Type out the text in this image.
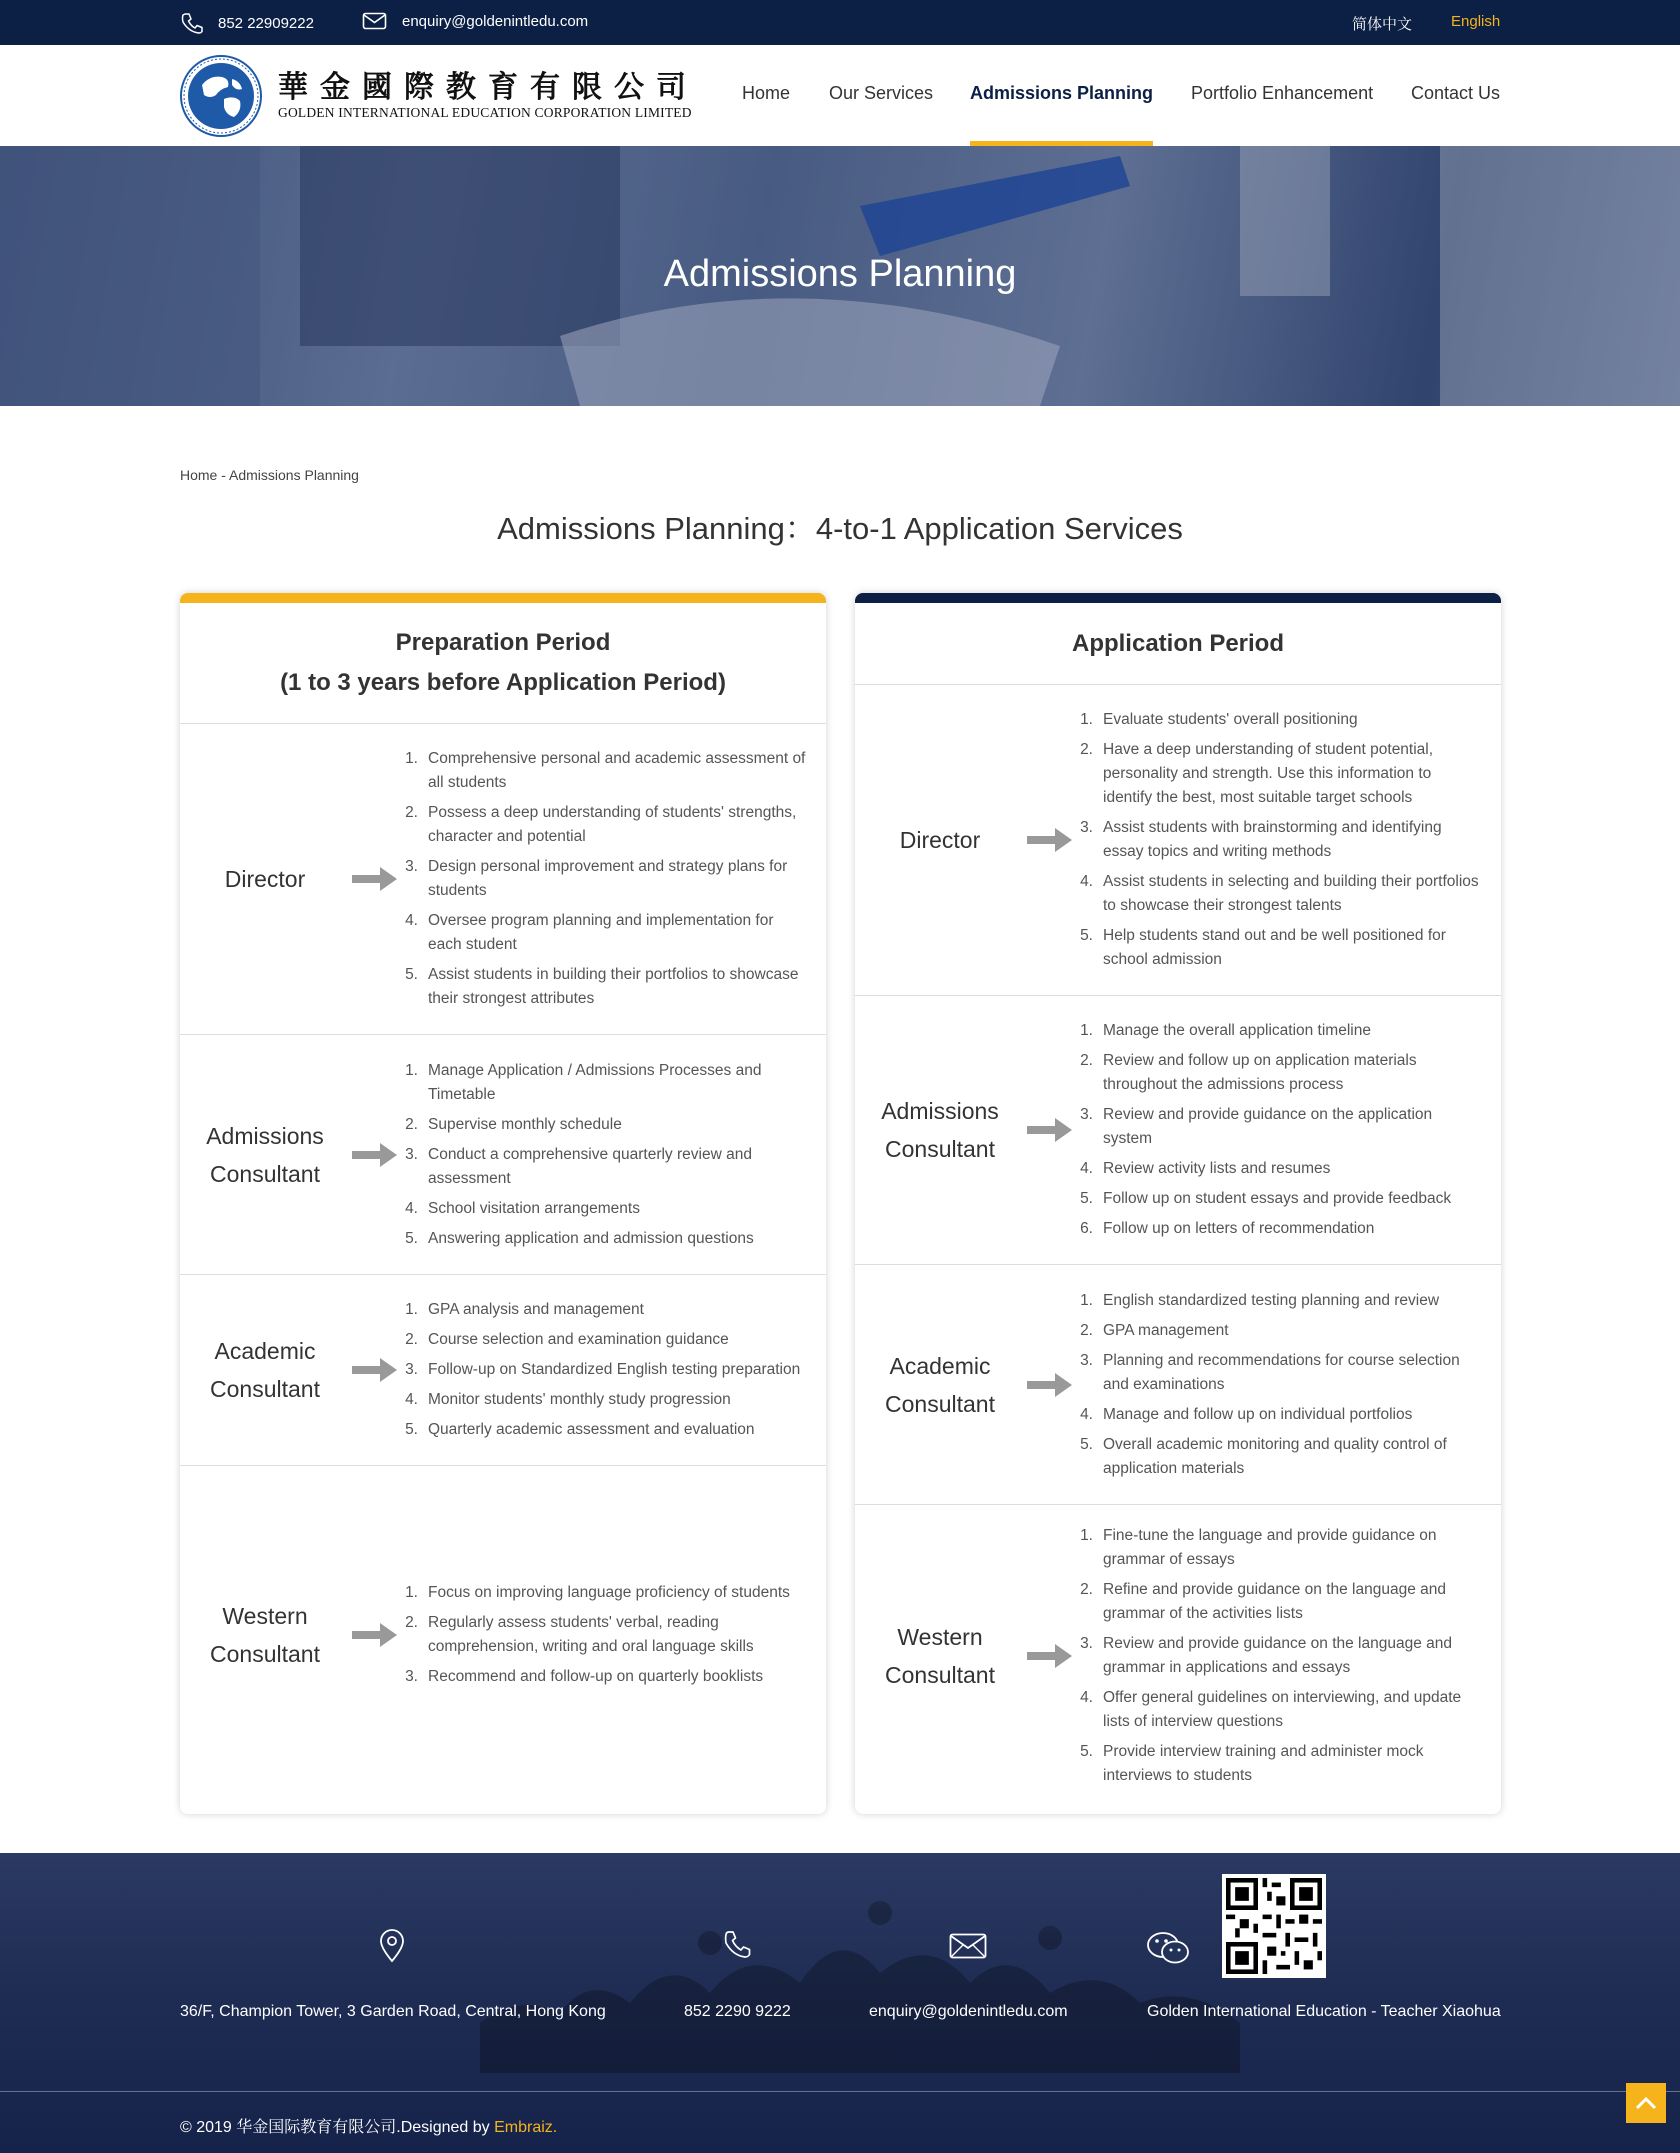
852 22909222	enquiry@goldenintledu.com	简体中文	English
華金國際教育有限公司
GOLDEN INTERNATIONAL EDUCATION CORPORATION LIMITED
Home Our Services Admissions Planning Portfolio Enhancement Contact Us
Admissions Planning
Home - Admissions Planning
Admissions Planning：4-to-1 Application Services
Preparation Period
(1 to 3 years before Application Period)
Director
1. Comprehensive personal and academic assessment of all students
2. Possess a deep understanding of students' strengths, character and potential
3. Design personal improvement and strategy plans for students
4. Oversee program planning and implementation for each student
5. Assist students in building their portfolios to showcase their strongest attributes
Admissions
Consultant
1. Manage Application / Admissions Processes and Timetable
2. Supervise monthly schedule
3. Conduct a comprehensive quarterly review and assessment
4. School visitation arrangements
5. Answering application and admission questions
Academic
Consultant
1. GPA analysis and management
2. Course selection and examination guidance
3. Follow-up on Standardized English testing preparation
4. Monitor students' monthly study progression
5. Quarterly academic assessment and evaluation
Western
Consultant
1. Focus on improving language proficiency of students
2. Regularly assess students' verbal, reading comprehension, writing and oral language skills
3. Recommend and follow-up on quarterly booklists
Application Period
Director
1. Evaluate students' overall positioning
2. Have a deep understanding of student potential, personality and strength. Use this information to identify the best, most suitable target schools
3. Assist students with brainstorming and identifying essay topics and writing methods
4. Assist students in selecting and building their portfolios to showcase their strongest talents
5. Help students stand out and be well positioned for school admission
Admissions
Consultant
1. Manage the overall application timeline
2. Review and follow up on application materials throughout the admissions process
3. Review and provide guidance on the application system
4. Review activity lists and resumes
5. Follow up on student essays and provide feedback
6. Follow up on letters of recommendation
Academic
Consultant
1. English standardized testing planning and review
2. GPA management
3. Planning and recommendations for course selection and examinations
4. Manage and follow up on individual portfolios
5. Overall academic monitoring and quality control of application materials
Western
Consultant
1. Fine-tune the language and provide guidance on grammar of essays
2. Refine and provide guidance on the language and grammar of the activities lists
3. Review and provide guidance on the language and grammar in applications and essays
4. Offer general guidelines on interviewing, and update lists of interview questions
5. Provide interview training and administer mock interviews to students
36/F, Champion Tower, 3 Garden Road, Central, Hong Kong	852 2290 9222	enquiry@goldenintledu.com	Golden International Education - Teacher Xiaohua
© 2019 华金国际教育有限公司.Designed by Embraiz.
